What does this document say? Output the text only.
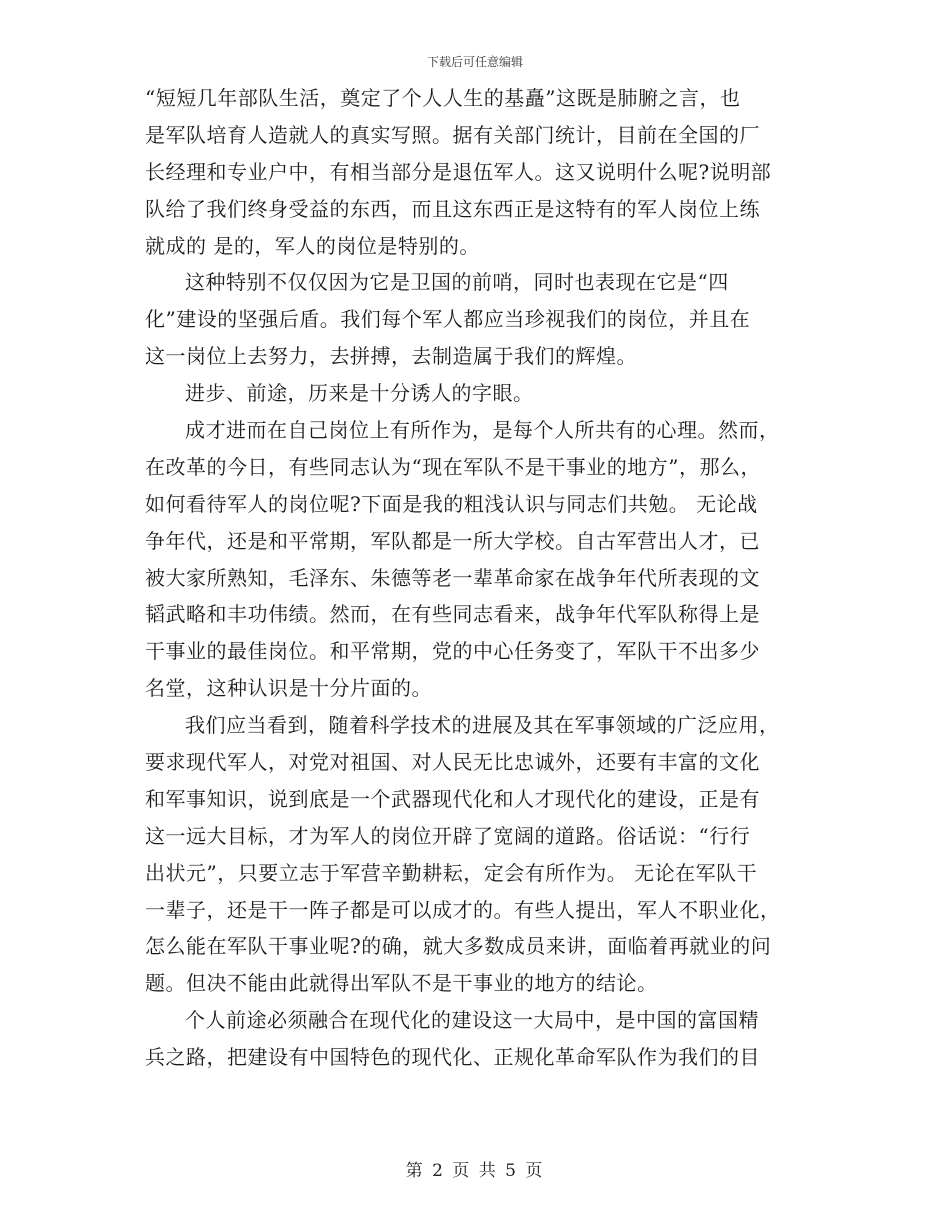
下载后可任意编辑
“短短几年部队生活，奠定了个人人生的基矗”这既是肺腑之言，也
是军队培育人造就人的真实写照。据有关部门统计，目前在全国的厂
长经理和专业户中，有相当部分是退伍军人。这又说明什么呢?说明部
队给了我们终身受益的东西，而且这东西正是这特有的军人岗位上练
就成的 是的，军人的岗位是特别的。
这种特别不仅仅因为它是卫国的前哨，同时也表现在它是“四
化”建设的坚强后盾。我们每个军人都应当珍视我们的岗位，并且在
这一岗位上去努力，去拼搏，去制造属于我们的辉煌。
进步、前途，历来是十分诱人的字眼。
成才进而在自己岗位上有所作为，是每个人所共有的心理。然而，
在改革的今日，有些同志认为“现在军队不是干事业的地方”，那么，
如何看待军人的岗位呢?下面是我的粗浅认识与同志们共勉。 无论战
争年代，还是和平常期，军队都是一所大学校。自古军营出人才，已
被大家所熟知，毛泽东、朱德等老一辈革命家在战争年代所表现的文
韬武略和丰功伟绩。然而，在有些同志看来，战争年代军队称得上是
干事业的最佳岗位。和平常期，党的中心任务变了，军队干不出多少
名堂，这种认识是十分片面的。
我们应当看到，随着科学技术的进展及其在军事领域的广泛应用，
要求现代军人，对党对祖国、对人民无比忠诚外，还要有丰富的文化
和军事知识，说到底是一个武器现代化和人才现代化的建设，正是有
这一远大目标，才为军人的岗位开辟了宽阔的道路。俗话说：“行行
出状元”，只要立志于军营辛勤耕耘，定会有所作为。 无论在军队干
一辈子，还是干一阵子都是可以成才的。有些人提出，军人不职业化，
怎么能在军队干事业呢?的确，就大多数成员来讲，面临着再就业的问
题。但决不能由此就得出军队不是干事业的地方的结论。
个人前途必须融合在现代化的建设这一大局中，是中国的富国精
兵之路，把建设有中国特色的现代化、正规化革命军队作为我们的目
第 2 页 共 5 页
